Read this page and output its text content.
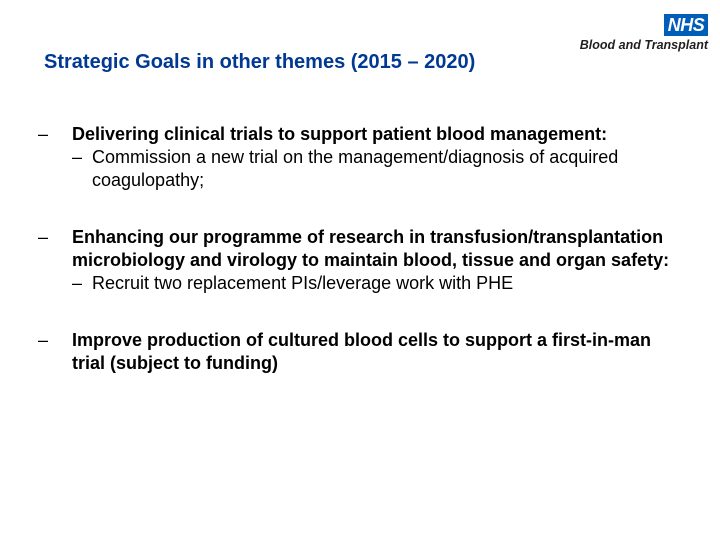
NHS
Blood and Transplant
Strategic Goals in other themes (2015 – 2020)
– Delivering clinical trials to support patient blood management:
– Commission a new trial on the management/diagnosis of acquired coagulopathy;
– Enhancing our programme of research in transfusion/transplantation microbiology and virology to maintain blood, tissue and organ safety:
– Recruit two replacement PIs/leverage work with PHE
– Improve production of cultured blood cells to support a first-in-man trial (subject to funding)
